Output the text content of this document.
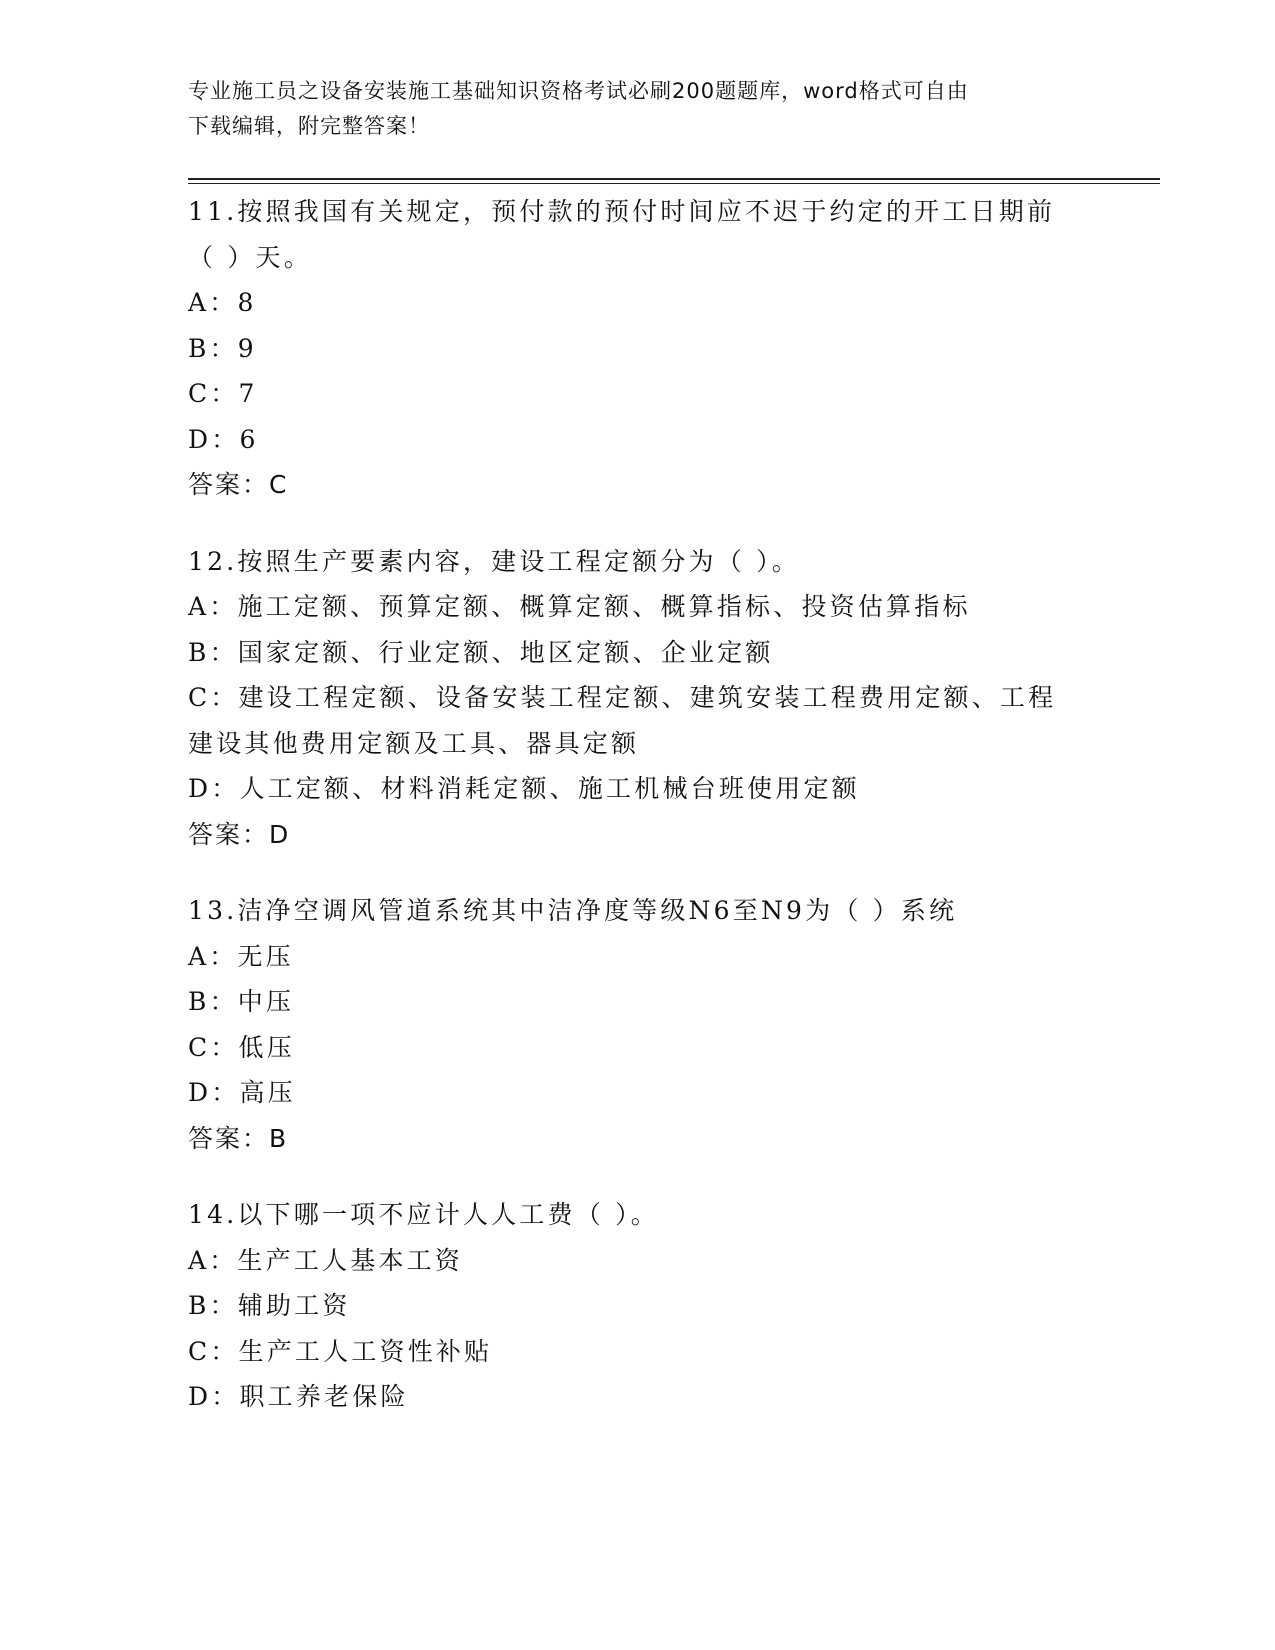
专业施工员之设备安装施工基础知识资格考试必刷200题题库，word格式可自由
下载编辑，附完整答案！
11.按照我国有关规定，预付款的预付时间应不迟于约定的开工日期前
（ ）天。
A：8
B：9
C：7
D：6
答案：C
12.按照生产要素内容，建设工程定额分为（ ）。
A：施工定额、预算定额、概算定额、概算指标、投资估算指标
B：国家定额、行业定额、地区定额、企业定额
C：建设工程定额、设备安装工程定额、建筑安装工程费用定额、工程
建设其他费用定额及工具、器具定额
D：人工定额、材料消耗定额、施工机械台班使用定额
答案：D
13.洁净空调风管道系统其中洁净度等级N6至N9为（ ）系统
A：无压
B：中压
C：低压
D：高压
答案：B
14.以下哪一项不应计人人工费（ ）。
A：生产工人基本工资
B：辅助工资
C：生产工人工资性补贴
D：职工养老保险
